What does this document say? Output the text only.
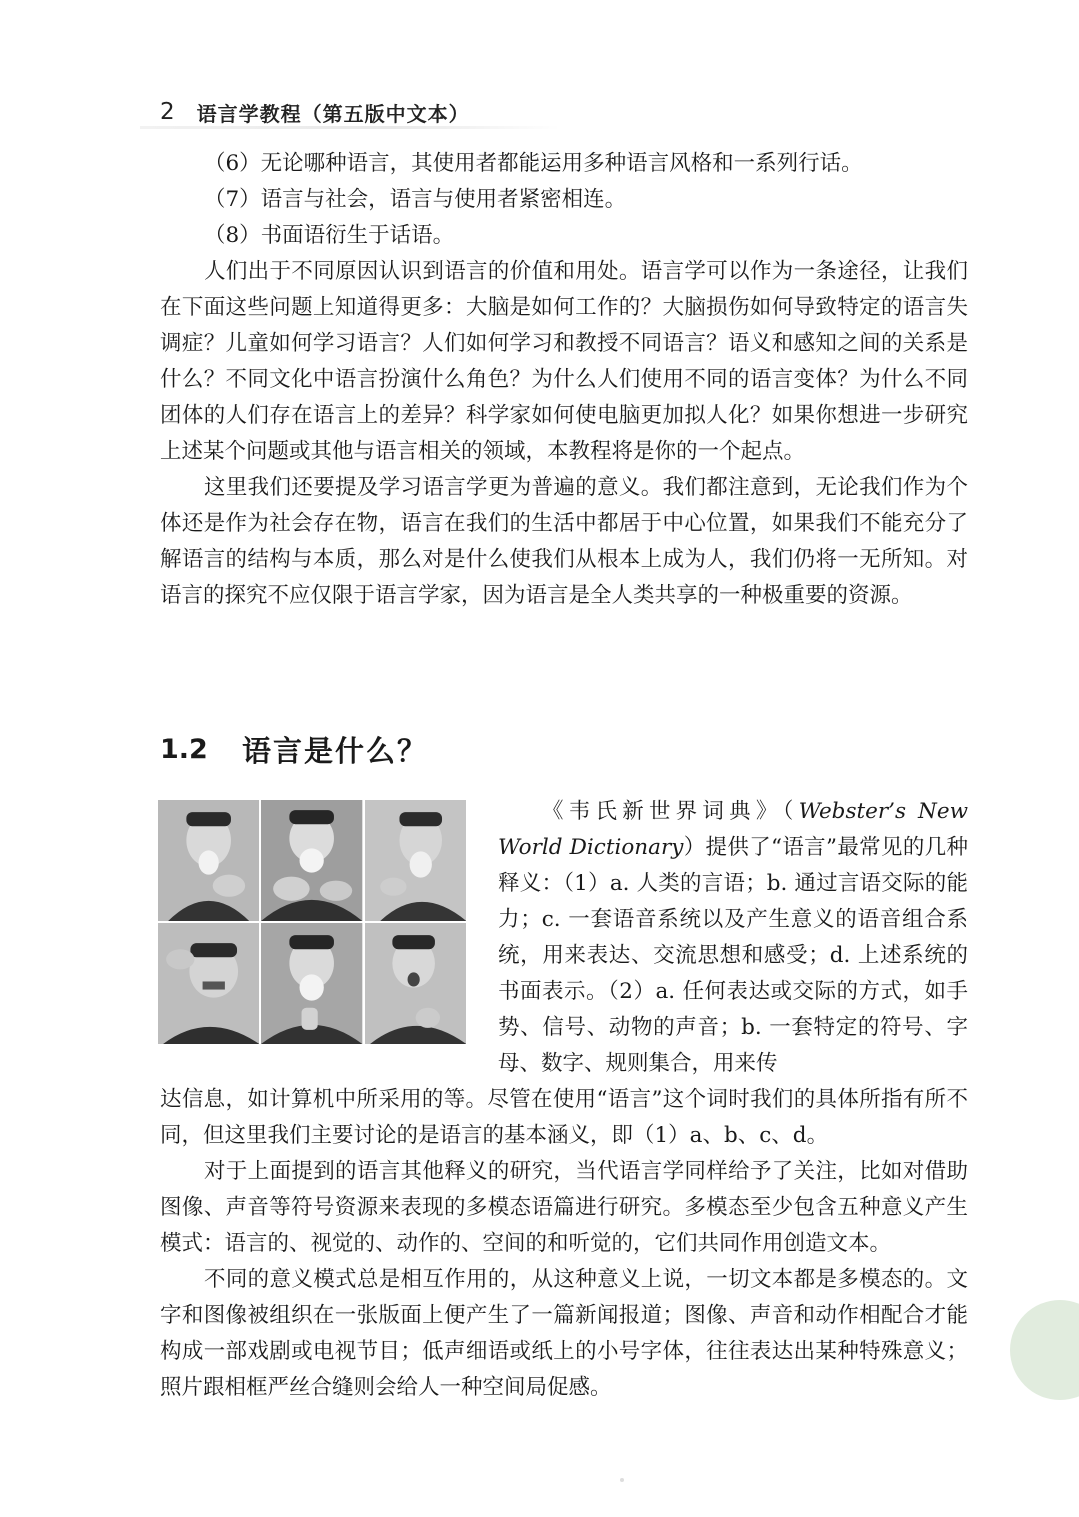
2 语言学教程（第五版中文本）

（6）无论哪种语言，其使用者都能运用多种语言风格和一系列行话。

（7）语言与社会，语言与使用者紧密相连。

（8）书面语衍生于话语。

人们出于不同原因认识到语言的价值和用处。语言学可以作为一条途径，让我们在下面这些问题上知道得更多：大脑是如何工作的？大脑损伤如何导致特定的语言失调症？儿童如何学习语言？人们如何学习和教授不同语言？语义和感知之间的关系是什么？不同文化中语言扮演什么角色？为什么人们使用不同的语言变体？为什么不同团体的人们存在语言上的差异？科学家如何使电脑更加拟人化？如果你想进一步研究上述某个问题或其他与语言相关的领域，本教程将是你的一个起点。

这里我们还要提及学习语言学更为普遍的意义。我们都注意到，无论我们作为个体还是作为社会存在物，语言在我们的生活中都居于中心位置，如果我们不能充分了解语言的结构与本质，那么对是什么使我们从根本上成为人，我们仍将一无所知。对语言的探究不应仅限于语言学家，因为语言是全人类共享的一种极重要的资源。

1.2	语言是什么？

《韦氏新世界词典》（Webster’s New World Dictionary）提供了“语言”最常见的几种释义：（1）a. 人类的言语；b. 通过言语交际的能力；c. 一套语音系统以及产生意义的语音组合系统，用来表达、交流思想和感受；d. 上述系统的书面表示。（2）a. 任何表达或交际的方式，如手势、信号、动物的声音；b. 一套特定的符号、字母、数字、规则集合，用来传

达信息，如计算机中所采用的等。尽管在使用“语言”这个词时我们的具体所指有所不同，但这里我们主要讨论的是语言的基本涵义，即（1）a、b、c、d。

对于上面提到的语言其他释义的研究，当代语言学同样给予了关注，比如对借助图像、声音等符号资源来表现的多模态语篇进行研究。多模态至少包含五种意义产生模式：语言的、视觉的、动作的、空间的和听觉的，它们共同作用创造文本。

不同的意义模式总是相互作用的，从这种意义上说，一切文本都是多模态的。文字和图像被组织在一张版面上便产生了一篇新闻报道；图像、声音和动作相配合才能构成一部戏剧或电视节目；低声细语或纸上的小号字体，往往表达出某种特殊意义；照片跟相框严丝合缝则会给人一种空间局促感。
